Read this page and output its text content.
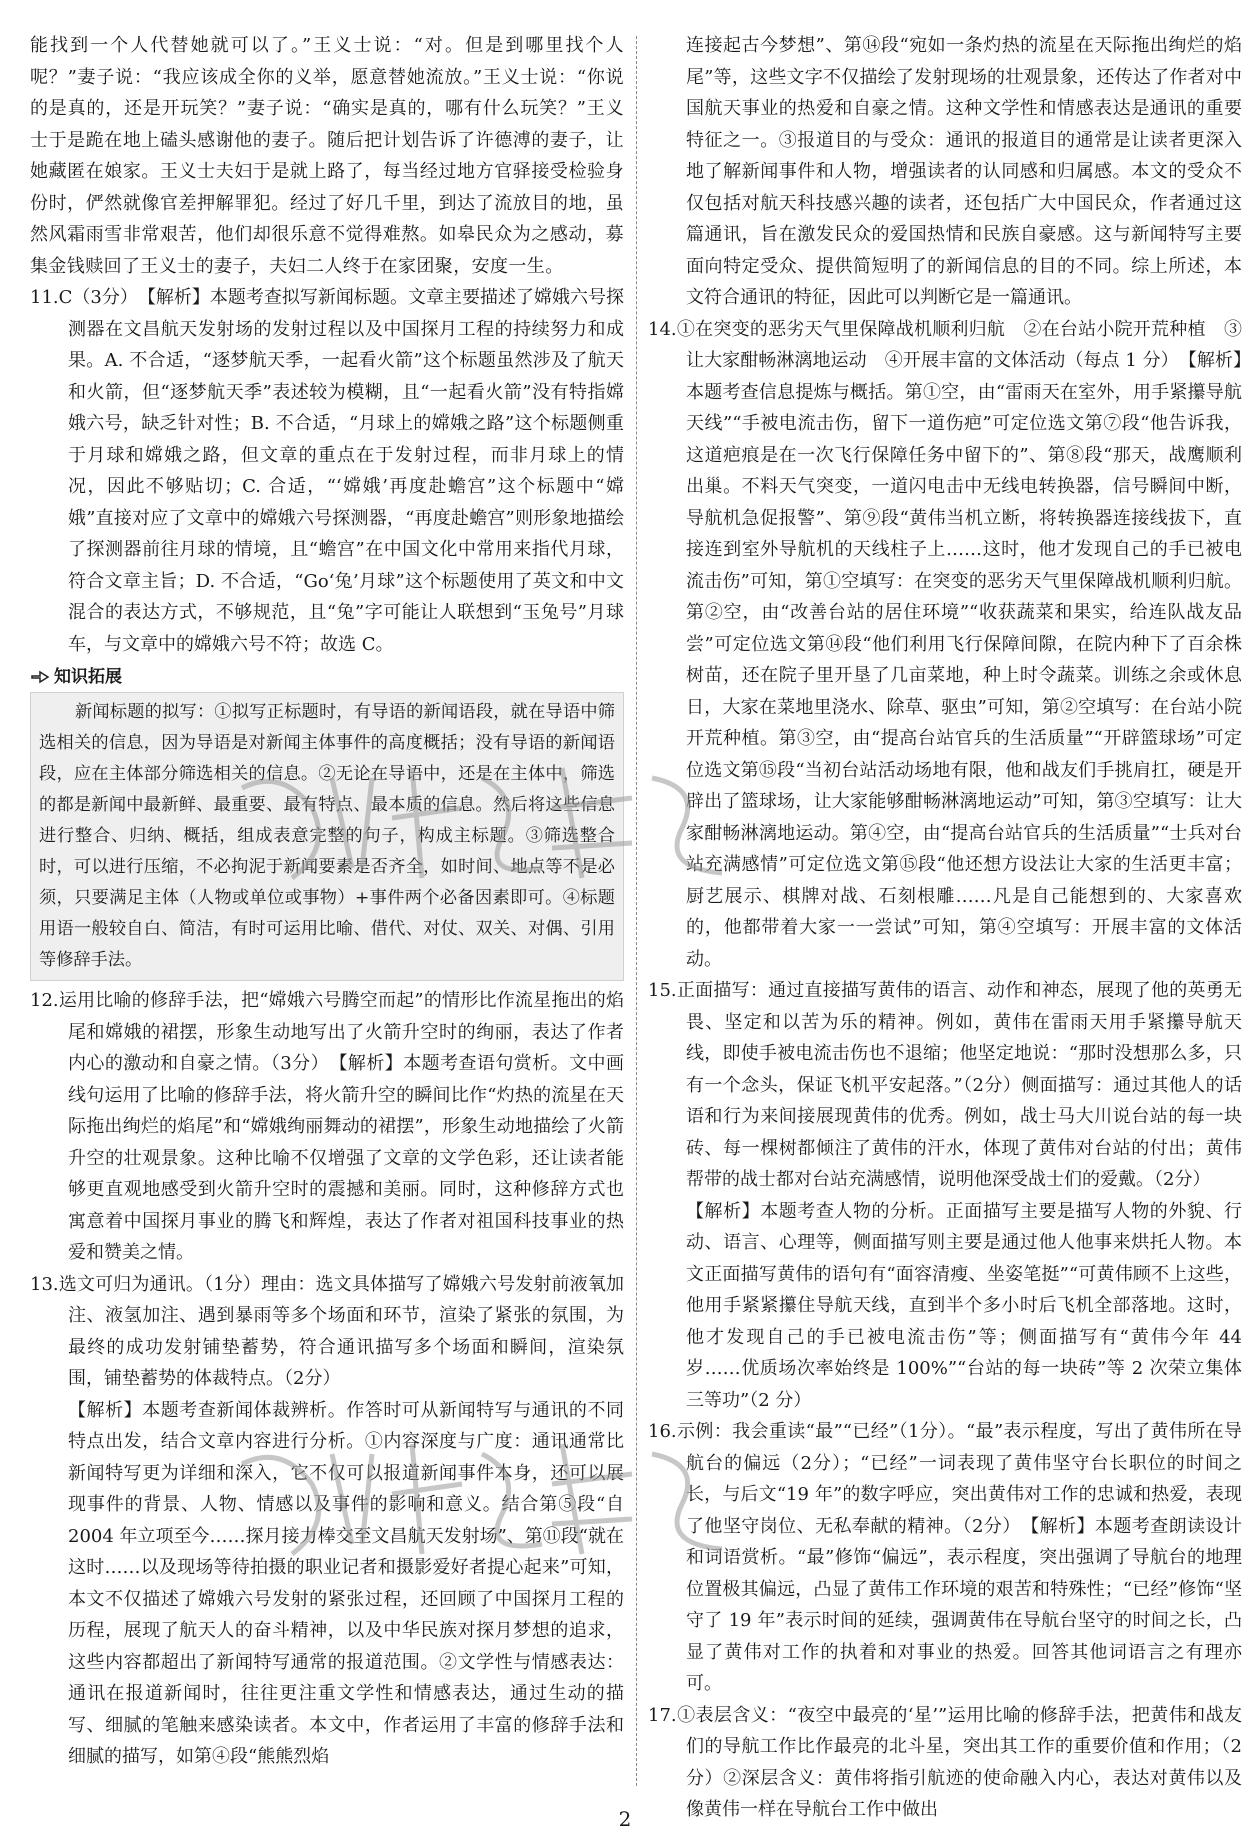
能找到一个人代替她就可以了。”王义士说：“对。但是到哪里找个人呢？”妻子说：“我应该成全你的义举，愿意替她流放。”王义士说：“你说的是真的，还是开玩笑？”妻子说：“确实是真的，哪有什么玩笑？”王义士于是跪在地上磕头感谢他的妻子。随后把计划告诉了许德溥的妻子，让她藏匿在娘家。王义士夫妇于是就上路了，每当经过地方官驿接受检验身份时，俨然就像官差押解罪犯。经过了好几千里，到达了流放目的地，虽然风霜雨雪非常艰苦，他们却很乐意不觉得难熬。如皋民众为之感动，募集金钱赎回了王义士的妻子，夫妇二人终于在家团聚，安度一生。

11.C（3分）　【解析】本题考查拟写新闻标题。文章主要描述了嫦娥六号探测器在文昌航天发射场的发射过程以及中国探月工程的持续努力和成果。A. 不合适，“逐梦航天季，一起看火箭”这个标题虽然涉及了航天和火箭，但“逐梦航天季”表述较为模糊，且“一起看火箭”没有特指嫦娥六号，缺乏针对性；B. 不合适，“月球上的嫦娥之路”这个标题侧重于月球和嫦娥之路，但文章的重点在于发射过程，而非月球上的情况，因此不够贴切；C. 合适，“‘嫦娥’再度赴蟾宫”这个标题中“嫦娥”直接对应了文章中的嫦娥六号探测器，“再度赴蟾宫”则形象地描绘了探测器前往月球的情境，且“蟾宫”在中国文化中常用来指代月球，符合文章主旨；D. 不合适，“Go‘兔’月球”这个标题使用了英文和中文混合的表达方式，不够规范，且“兔”字可能让人联想到“玉兔号”月球车，与文章中的嫦娥六号不符；故选 C。

知识拓展

新闻标题的拟写：①拟写正标题时，有导语的新闻语段，就在导语中筛选相关的信息，因为导语是对新闻主体事件的高度概括；没有导语的新闻语段，应在主体部分筛选相关的信息。②无论在导语中，还是在主体中，筛选的都是新闻中最新鲜、最重要、最有特点、最本质的信息。然后将这些信息进行整合、归纳、概括，组成表意完整的句子，构成主标题。③筛选整合时，可以进行压缩，不必拘泥于新闻要素是否齐全，如时间、地点等不是必须，只要满足主体（人物或单位或事物）+事件两个必备因素即可。④标题用语一般较自白、简洁，有时可运用比喻、借代、对仗、双关、对偶、引用等修辞手法。

12.运用比喻的修辞手法，把“嫦娥六号腾空而起”的情形比作流星拖出的焰尾和嫦娥的裙摆，形象生动地写出了火箭升空时的绚丽，表达了作者内心的激动和自豪之情。（3分）　【解析】本题考查语句赏析。文中画线句运用了比喻的修辞手法，将火箭升空的瞬间比作“灼热的流星在天际拖出绚烂的焰尾”和“嫦娥绚丽舞动的裙摆”，形象生动地描绘了火箭升空的壮观景象。这种比喻不仅增强了文章的文学色彩，还让读者能够更直观地感受到火箭升空时的震撼和美丽。同时，这种修辞方式也寓意着中国探月事业的腾飞和辉煌，表达了作者对祖国科技事业的热爱和赞美之情。

13.选文可归为通讯。（1分）理由：选文具体描写了嫦娥六号发射前液氧加注、液氢加注、遇到暴雨等多个场面和环节，渲染了紧张的氛围，为最终的成功发射铺垫蓄势，符合通讯描写多个场面和瞬间，渲染氛围，铺垫蓄势的体裁特点。（2分）

【解析】本题考查新闻体裁辨析。作答时可从新闻特写与通讯的不同特点出发，结合文章内容进行分析。①内容深度与广度：通讯通常比新闻特写更为详细和深入，它不仅可以报道新闻事件本身，还可以展现事件的背景、人物、情感以及事件的影响和意义。结合第⑤段“自 2004 年立项至今……探月接力棒交至文昌航天发射场”、第⑪段“就在这时……以及现场等待拍摄的职业记者和摄影爱好者提心起来”可知，本文不仅描述了嫦娥六号发射的紧张过程，还回顾了中国探月工程的历程，展现了航天人的奋斗精神，以及中华民族对探月梦想的追求，这些内容都超出了新闻特写通常的报道范围。②文学性与情感表达：通讯在报道新闻时，往往更注重文学性和情感表达，通过生动的描写、细腻的笔触来感染读者。本文中，作者运用了丰富的修辞手法和细腻的描写，如第④段“熊熊烈焰

连接起古今梦想”、第⑭段“宛如一条灼热的流星在天际拖出绚烂的焰尾”等，这些文字不仅描绘了发射现场的壮观景象，还传达了作者对中国航天事业的热爱和自豪之情。这种文学性和情感表达是通讯的重要特征之一。③报道目的与受众：通讯的报道目的通常是让读者更深入地了解新闻事件和人物，增强读者的认同感和归属感。本文的受众不仅包括对航天科技感兴趣的读者，还包括广大中国民众，作者通过这篇通讯，旨在激发民众的爱国热情和民族自豪感。这与新闻特写主要面向特定受众、提供简短明了的新闻信息的目的不同。综上所述，本文符合通讯的特征，因此可以判断它是一篇通讯。

14.①在突变的恶劣天气里保障战机顺利归航　②在台站小院开荒种植　③让大家酣畅淋漓地运动　④开展丰富的文体活动（每点 1 分）　【解析】本题考查信息提炼与概括。第①空，由“雷雨天在室外，用手紧攥导航天线”“手被电流击伤，留下一道伤疤”可定位选文第⑦段“他告诉我，这道疤痕是在一次飞行保障任务中留下的”、第⑧段“那天，战鹰顺利出巢。不料天气突变，一道闪电击中无线电转换器，信号瞬间中断，导航机急促报警”、第⑨段“黄伟当机立断，将转换器连接线拔下，直接连到室外导航机的天线柱子上……这时，他才发现自己的手已被电流击伤”可知，第①空填写：在突变的恶劣天气里保障战机顺利归航。第②空，由“改善台站的居住环境”“收获蔬菜和果实，给连队战友品尝”可定位选文第⑭段“他们利用飞行保障间隙，在院内种下了百余株树苗，还在院子里开垦了几亩菜地，种上时令蔬菜。训练之余或休息日，大家在菜地里浇水、除草、驱虫”可知，第②空填写：在台站小院开荒种植。第③空，由“提高台站官兵的生活质量”“开辟篮球场”可定位选文第⑮段“当初台站活动场地有限，他和战友们手挑肩扛，硬是开辟出了篮球场，让大家能够酣畅淋漓地运动”可知，第③空填写：让大家酣畅淋漓地运动。第④空，由“提高台站官兵的生活质量”“士兵对台站充满感情”可定位选文第⑮段“他还想方设法让大家的生活更丰富；厨艺展示、棋牌对战、石刻根雕……凡是自己能想到的、大家喜欢的，他都带着大家一一尝试”可知，第④空填写：开展丰富的文体活动。

15.正面描写：通过直接描写黄伟的语言、动作和神态，展现了他的英勇无畏、坚定和以苦为乐的精神。例如，黄伟在雷雨天用手紧攥导航天线，即使手被电流击伤也不退缩；他坚定地说：“那时没想那么多，只有一个念头，保证飞机平安起落。”（2分）侧面描写：通过其他人的话语和行为来间接展现黄伟的优秀。例如，战士马大川说台站的每一块砖、每一棵树都倾注了黄伟的汗水，体现了黄伟对台站的付出；黄伟帮带的战士都对台站充满感情，说明他深受战士们的爱戴。（2分）

【解析】本题考查人物的分析。正面描写主要是描写人物的外貌、行动、语言、心理等，侧面描写则主要是通过他人他事来烘托人物。本文正面描写黄伟的语句有“面容清瘦、坐姿笔挺”“可黄伟顾不上这些，他用手紧紧攥住导航天线，直到半个多小时后飞机全部落地。这时，他才发现自己的手已被电流击伤”等；侧面描写有“黄伟今年 44 岁……优质场次率始终是 100%”“台站的每一块砖”等 2 次荣立集体三等功”（2 分）

16.示例：我会重读“最”“已经”（1分）。“最”表示程度，写出了黄伟所在导航台的偏远（2分）；“已经”一词表现了黄伟坚守台长职位的时间之长，与后文“19 年”的数字呼应，突出黄伟对工作的忠诚和热爱，表现了他坚守岗位、无私奉献的精神。（2分）　【解析】本题考查朗读设计和词语赏析。“最”修饰“偏远”，表示程度，突出强调了导航台的地理位置极其偏远，凸显了黄伟工作环境的艰苦和特殊性；“已经”修饰“坚守了 19 年”表示时间的延续，强调黄伟在导航台坚守的时间之长，凸显了黄伟对工作的执着和对事业的热爱。回答其他词语言之有理亦可。

17.①表层含义：“夜空中最亮的‘星’”运用比喻的修辞手法，把黄伟和战友们的导航工作比作最亮的北斗星，突出其工作的重要价值和作用；（2分）②深层含义：黄伟将指引航迹的使命融入内心，表达对黄伟以及像黄伟一样在导航台工作中做出

2
